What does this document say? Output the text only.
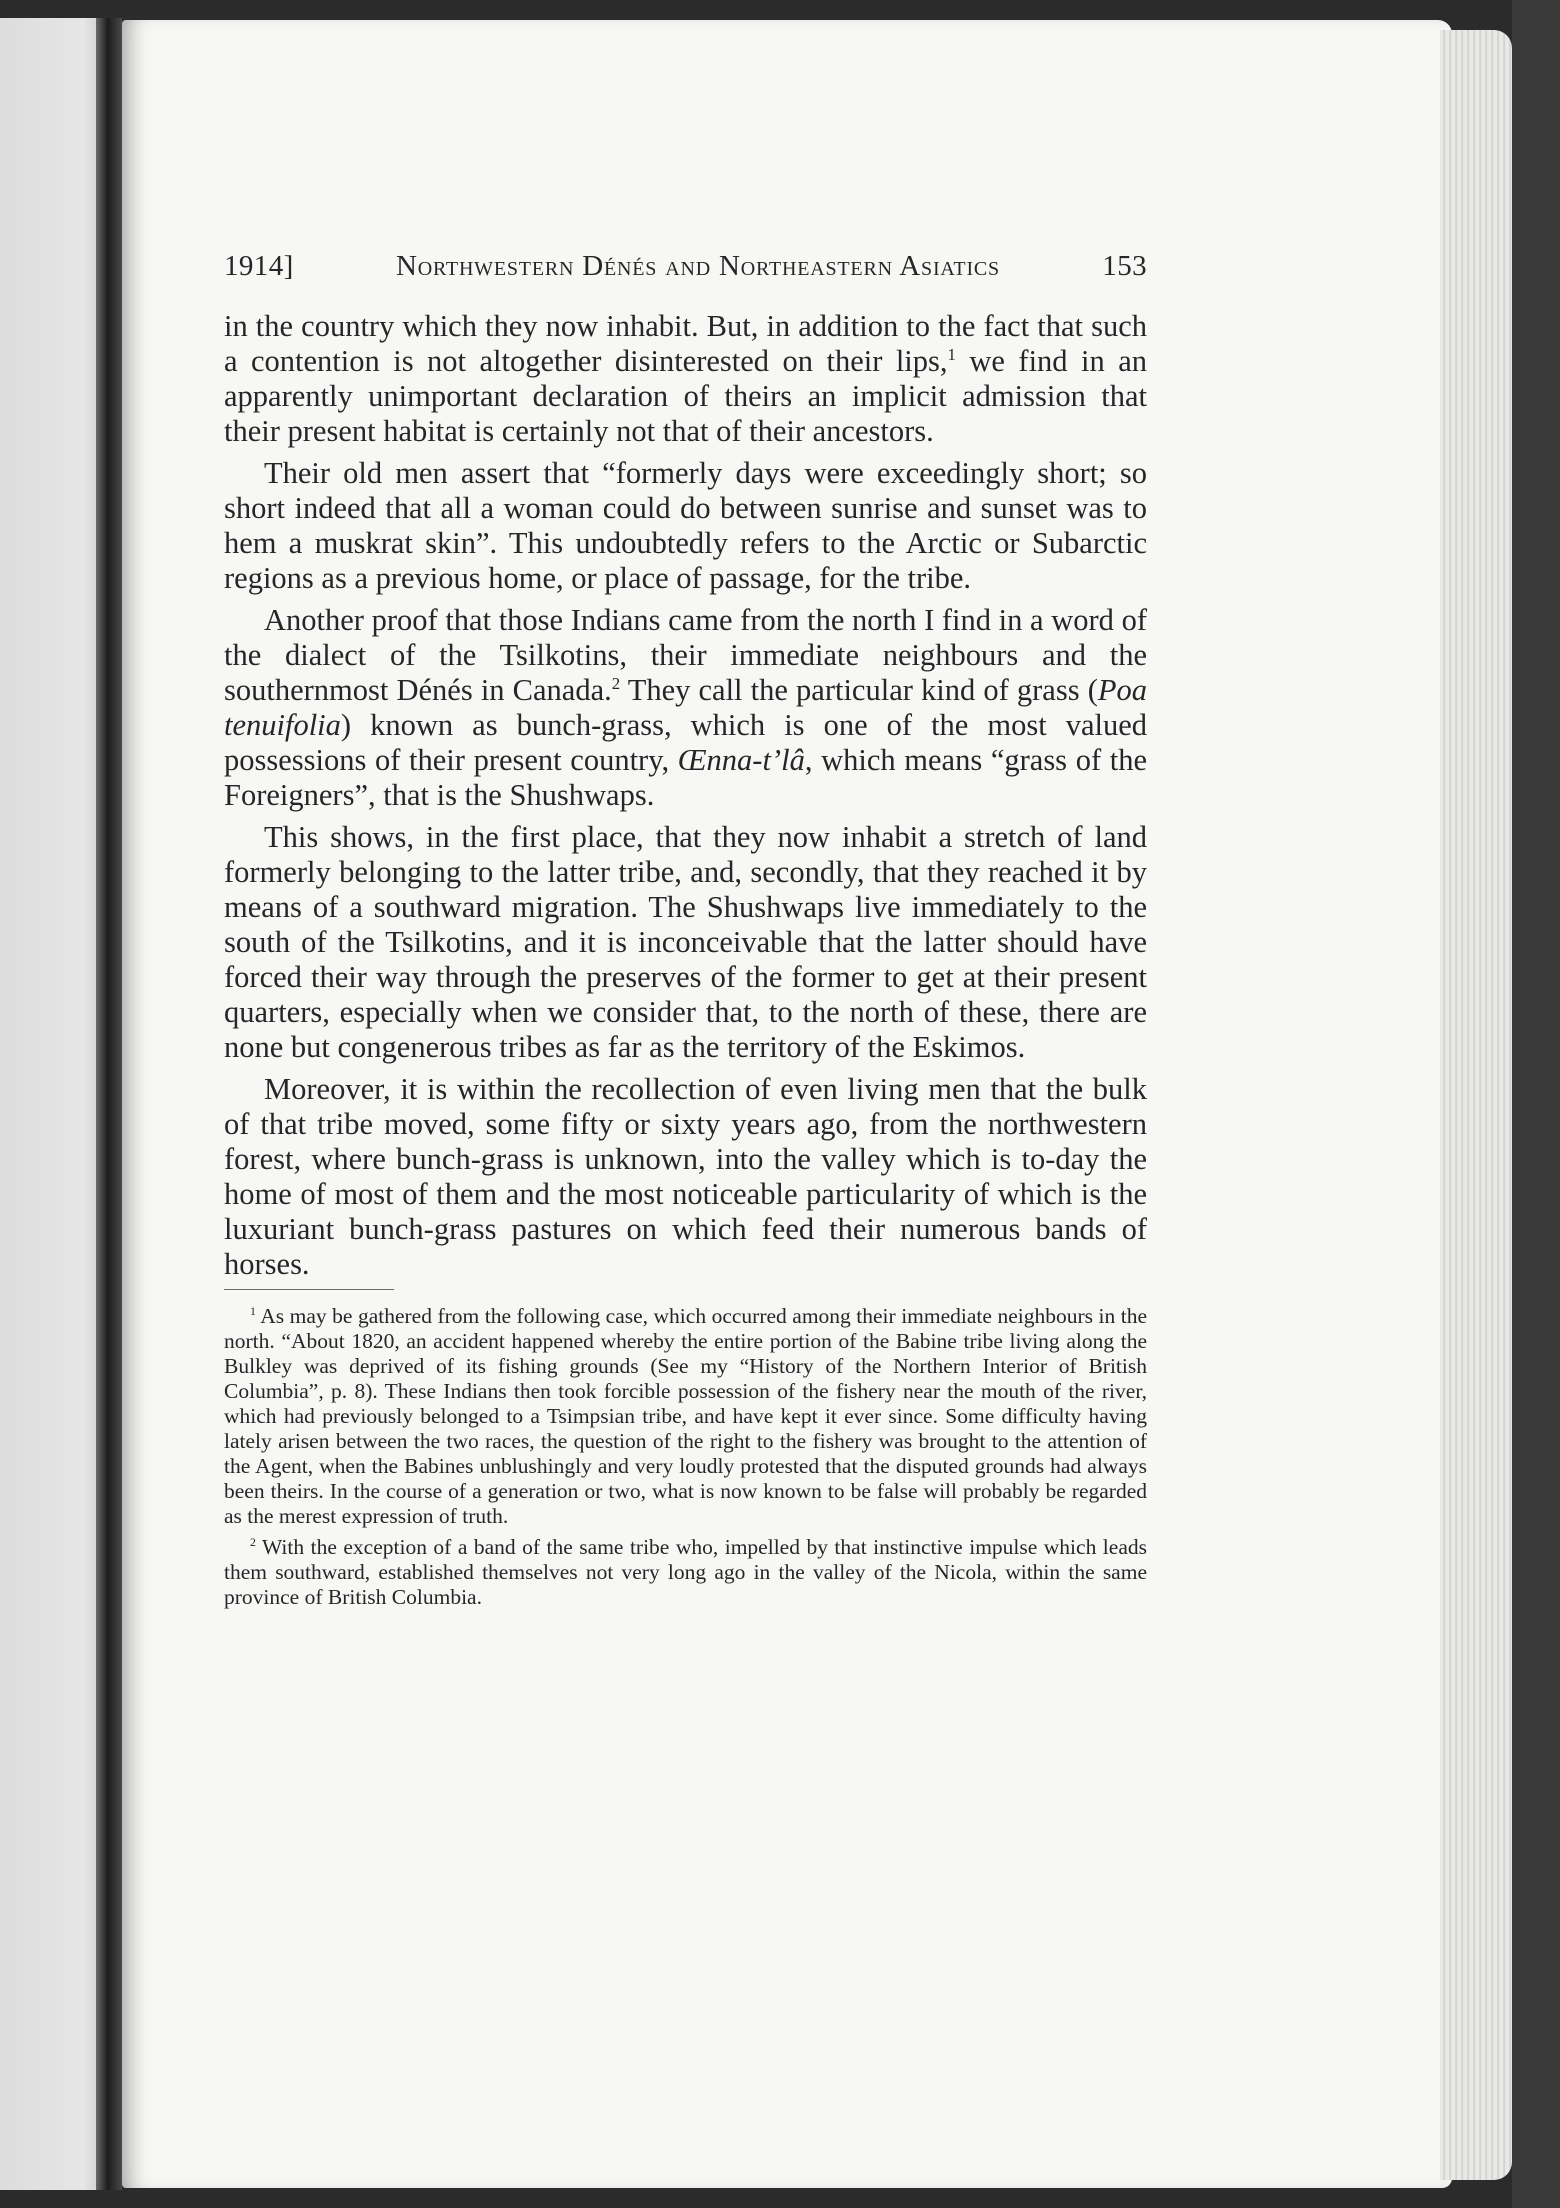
1914]	Northwestern Dénés and Northeastern Asiatics	153

in the country which they now inhabit. But, in addition to the fact that such a contention is not altogether disinterested on their lips,$^1$ we find in an apparently unimportant declaration of theirs an implicit admission that their present habitat is certainly not that of their ancestors.

Their old men assert that “formerly days were exceedingly short; so short indeed that all a woman could do between sunrise and sunset was to hem a muskrat skin”. This undoubtedly refers to the Arctic or Subarctic regions as a previous home, or place of passage, for the tribe.

Another proof that those Indians came from the north I find in a word of the dialect of the Tsilkotins, their immediate neighbours and the southernmost Dénés in Canada.$^2$ They call the particular kind of grass (Poa tenuifolia) known as bunch-grass, which is one of the most valued possessions of their present country, Œnna-t’lâ, which means “grass of the Foreigners”, that is the Shushwaps.

This shows, in the first place, that they now inhabit a stretch of land formerly belonging to the latter tribe, and, secondly, that they reached it by means of a southward migration. The Shushwaps live immediately to the south of the Tsilkotins, and it is inconceivable that the latter should have forced their way through the preserves of the former to get at their present quarters, especially when we consider that, to the north of these, there are none but congenerous tribes as far as the territory of the Eskimos.

Moreover, it is within the recollection of even living men that the bulk of that tribe moved, some fifty or sixty years ago, from the northwestern forest, where bunch-grass is unknown, into the valley which is to-day the home of most of them and the most noticeable particularity of which is the luxuriant bunch-grass pastures on which feed their numerous bands of horses.

$^1$ As may be gathered from the following case, which occurred among their immediate neighbours in the north. “About 1820, an accident happened whereby the entire portion of the Babine tribe living along the Bulkley was deprived of its fishing grounds (See my “History of the Northern Interior of British Columbia”, p. 8). These Indians then took forcible possession of the fishery near the mouth of the river, which had previously belonged to a Tsimpsian tribe, and have kept it ever since. Some difficulty having lately arisen between the two races, the question of the right to the fishery was brought to the attention of the Agent, when the Babines unblushingly and very loudly protested that the disputed grounds had always been theirs. In the course of a generation or two, what is now known to be false will probably be regarded as the merest expression of truth.

$^2$ With the exception of a band of the same tribe who, impelled by that instinctive impulse which leads them southward, established themselves not very long ago in the valley of the Nicola, within the same province of British Columbia.
